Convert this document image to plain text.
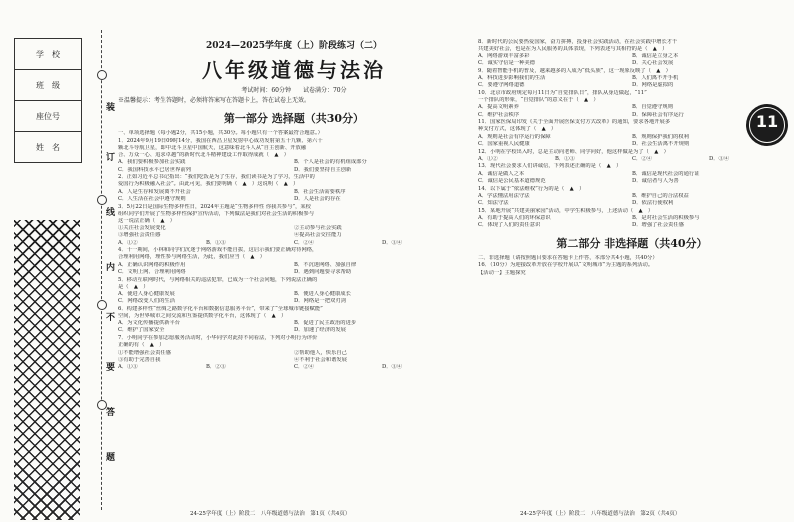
学　校
班　级
座位号
姓　名
装
订
线
内
不
要
答
题
2024—2025学年度（上）阶段练习（二）
八年级道德与法治
考试时间：60分钟　　试卷满分：70分
※温馨提示：考生答题时，必须将答案写在答题卡上，答在试卷上无效。
第一部分 选择题（共30分）
一、单项选择题（每小题2分，共15小题，共30分。每小题只有一个答案最符合题意。）
1．2024年9月19日09时14分，我国在西昌卫星发射中心成功发射第五十九颗、第六十
颗北斗导航卫星，即中北斗卫星中国航天，这意味着北斗人从“自主创新、开放融
合、万众一心、追求卓越”的新时代北斗精神建设工作取得成就（　▲　）
A．我们要积极参加社会实践	B．个人是社会的有机组成部分
C．我国科技水平已居世界前列	D．我们要坚持自主创新
2．正如习近平总书记指出：“我们吃饭是为了生存，我们读书是为了学习，生活中的
爱国行为积极融入社会”。由此可见，我们要明确（　▲　）这说明（　▲　）
A．人是生存和发展离不开社会	B．社会生活需要秩序
C．人生活在社会中遵守规则	D．人是社会的存在
3．5月22日是国际生物多样性日，2024年主题是“生物多样性 你我共参与”，某校
组织同学们开展了生物多样性保护宣传活动，下列做法是我们对社会生活的积极参与
这一说法正确（　▲　）
①关注社会发展变化	②主动参与社会实践
③增强社会责任感	④提高社会交往能力
A．①②	B．①③	C．②④	D．③④
4．十一期间，小林和同学们沉迷于网络游戏不能自拔，这启示我们要正确对待网络，
合理利用网络，理性参与网络生活，为此，我们应当（　▲　）
A．正确认识网络的积极作用	B．不沉迷网络、加强自律
C．文明上网、合理利用网络	D．遇到问题要寻求帮助
5．移动互联网时代，与网络相关的违法犯罪，已成为一个社会问题，下列说法正确的
是（　▲　）
A．使进人身心健康发展	B．便进人身心健康成长
C．网络改变人们的生活	D．网络是一把双刃剑
6．构建多样性“丝绸之路数字化平台和数据信息服务平台”，带来了“全球城市链接赋能”
空间，为世界城市之间交流和互鉴提供数字化平台，这体现了（　▲　）
A．为文化传播提供新平台	B．促进了民主政治的进步
C．维护了国家安全	D．加速了经济的发展
7．小明同学在参加志愿服务活动时，小华同学对此持不同看法，下列对小明行为评价
正确的有（　▲　）
①不能增强社会责任感	②帮助他人，快乐自己
③有助于完善自我	④不利于社会和谐发展
A．①③	B．②③	C．②④	D．③④
8．新时代的公民要热爱国家，奋力拼搏，投身社会实践活动，在社会实践中增长才干
共建美好社会，也是在为人民服务的具体表现，下列表述与其相符的是（　▲　）
A．网络游戏丰富多彩	B．诚信是立身之本
C．诚实守信是一种美德	D．关心社会发展
9．随着智能手机的普及，越来越多的人成为“低头族”，这一现象反映了（　▲　）
A．科技进步影响我们的生活	B．人们离不开手机
C．要遵守网络道德	D．网络是虚拟的
10．北京市政府规定每月11日为“自觉排队日”，排队从身边做起，“11”
一个排队的形象，“自觉排队”的意义在于（　▲　）
A．提高文明素养	B．自觉遵守规则
C．维护社会秩序	D．保障社会有序运行
11．国家医保局印发《关于全面开展医保支付方式改革》的通知，要求各地开展多
种支付方式，这体现了（　▲　）
A．规则是社会有序运行的保障	B．规则保护我们的权利
C．国家重视人民健康	D．社会生活离不开规则
12．小明在学校出入时，总是主动向老师、同学问好，他这样做是为了（　▲　）
A．①②	B．①③	C．②④	D．③④
13．现代社会要求人们讲诚信，下列表述正确的是（　▲　）
A．诚信是做人之本	B．诚信是现代社会的通行证
C．诚信是公民基本道德规范	D．诚信者与人为善
14．以下属于“依法维权”行为的是（　▲　）
A．学法懂法用法守法	B．维护自己的合法权益
C．知法守法	D．依法行使权利
15．某地开展“共建美丽家园”活动，中学生积极参与，上述活动（　▲　）
A．有助于提高人们的环保意识	B．是对社会生活的积极参与
C．体现了人们的责任意识	D．增强了社会责任感
第二部分 非选择题（共40分）
二、非选择题（请按照题目要求在答题卡上作答，本部分共4小题，共40分）
16．（10分）为迎接改革开放在学校开展以“文明城市”为主题的系列活动。
【活动一】主题探究
11
24-25学年度（上）阶段二　八年级道德与法治　第1页（共4页）	24-25学年度（上）阶段二　八年级道德与法治　第2页（共4页）
